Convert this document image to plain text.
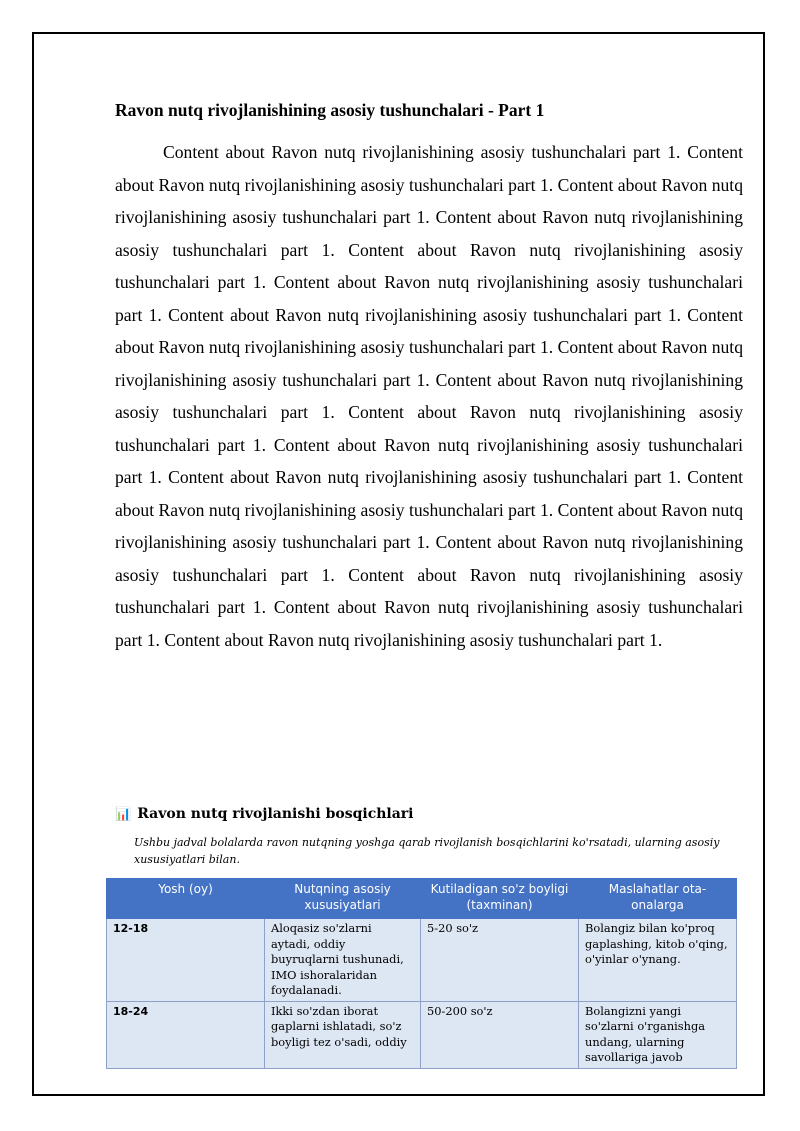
Ravon nutq rivojlanishining asosiy tushunchalari - Part 1

Content about Ravon nutq rivojlanishining asosiy tushunchalari part 1. Content about Ravon nutq rivojlanishining asosiy tushunchalari part 1. Content about Ravon nutq rivojlanishining asosiy tushunchalari part 1. Content about Ravon nutq rivojlanishining asosiy tushunchalari part 1. Content about Ravon nutq rivojlanishining asosiy tushunchalari part 1. Content about Ravon nutq rivojlanishining asosiy tushunchalari part 1. Content about Ravon nutq rivojlanishining asosiy tushunchalari part 1. Content about Ravon nutq rivojlanishining asosiy tushunchalari part 1. Content about Ravon nutq rivojlanishining asosiy tushunchalari part 1. Content about Ravon nutq rivojlanishining asosiy tushunchalari part 1. Content about Ravon nutq rivojlanishining asosiy tushunchalari part 1. Content about Ravon nutq rivojlanishining asosiy tushunchalari part 1. Content about Ravon nutq rivojlanishining asosiy tushunchalari part 1. Content about Ravon nutq rivojlanishining asosiy tushunchalari part 1. Content about Ravon nutq rivojlanishining asosiy tushunchalari part 1. Content about Ravon nutq rivojlanishining asosiy tushunchalari part 1. Content about Ravon nutq rivojlanishining asosiy tushunchalari part 1. Content about Ravon nutq rivojlanishining asosiy tushunchalari part 1. Content about Ravon nutq rivojlanishining asosiy tushunchalari part 1.

📊 Ravon nutq rivojlanishi bosqichlari

Ushbu jadval bolalarda ravon nutqning yoshga qarab rivojlanish bosqichlarini ko'rsatadi, ularning asosiy xususiyatlari bilan.

Yosh (oy)	Nutqning asosiy xususiyatlari	Kutiladigan so'z boyligi (taxminan)	Maslahatlar ota-onalarga
12-18	Aloqasiz so'zlarni aytadi, oddiy buyruqlarni tushunadi, IMO ishoralaridan foydalanadi.	5-20 so'z	Bolangiz bilan ko'proq gaplashing, kitob o'qing, o'yinlar o'ynang.
18-24	Ikki so'zdan iborat gaplarni ishlatadi, so'z boyligi tez o'sadi, oddiy	50-200 so'z	Bolangizni yangi so'zlarni o'rganishga undang, ularning savollariga javob
